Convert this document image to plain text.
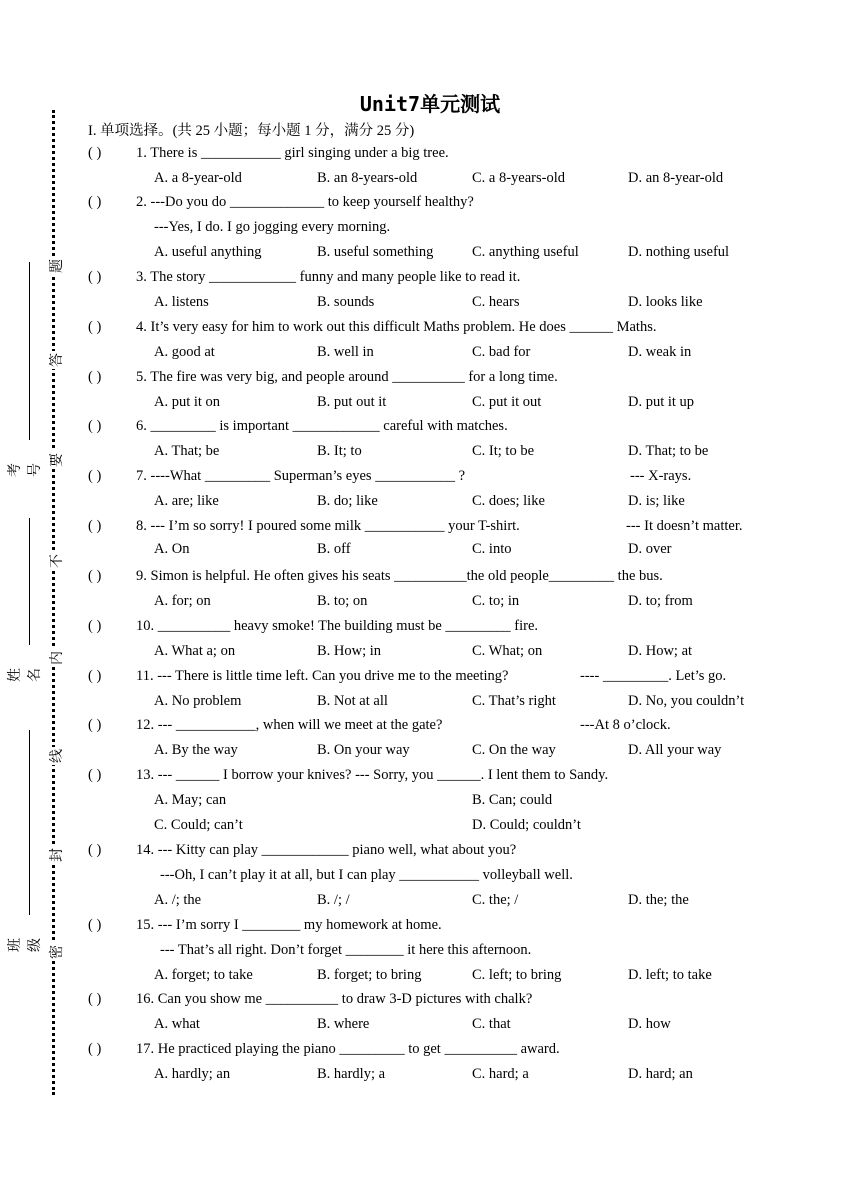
题
答
要
不
内
线
封
密
考号
姓名
班级
Unit7单元测试
I. 单项选择。(共 25 小题；每小题 1 分，满分 25 分)
( ) 1. There is ___________ girl singing under a big tree.
A. a 8-year-old	B. an 8-years-old	C. a 8-years-old	D. an 8-year-old
( ) 2. ---Do you do _____________ to keep yourself healthy?
---Yes, I do. I go jogging every morning.
A. useful anything	B. useful something	C. anything useful	D. nothing useful
( ) 3. The story ____________ funny and many people like to read it.
A. listens	B. sounds	C. hears	D. looks like
( ) 4. It’s very easy for him to work out this difficult Maths problem. He does ______ Maths.
A. good at	B. well in	C. bad for	D. weak in
( ) 5. The fire was very big, and people around __________ for a long time.
A. put it on	B. put out it	C. put it out	D. put it up
( ) 6. _________ is important ____________ careful with matches.
A. That; be	B. It; to	C. It; to be	D. That; to be
( ) 7. ----What _________ Superman’s eyes ___________ ?	--- X-rays.
A. are; like	B. do; like	C. does; like	D. is; like
( ) 8. --- I’m so sorry! I poured some milk ___________ your T-shirt.	--- It doesn’t matter.
A. On	B. off	C. into	D. over
( ) 9. Simon is helpful. He often gives his seats __________the old people_________ the bus.
A. for; on	B. to; on	C. to; in	D. to; from
( ) 10. __________ heavy smoke! The building must be _________ fire.
A. What a; on	B. How; in	C. What; on	D. How; at
( ) 11. --- There is little time left. Can you drive me to the meeting?	---- _________. Let’s go.
A. No problem	B. Not at all	C. That’s right	D. No, you couldn’t
( ) 12. --- ___________, when will we meet at the gate?	---At 8 o’clock.
A. By the way	B. On your way	C. On the way	D. All your way
( ) 13. --- ______ I borrow your knives? --- Sorry, you ______. I lent them to Sandy.
A. May; can	B. Can; could
C. Could; can’t	D. Could; couldn’t
( ) 14. --- Kitty can play ____________ piano well, what about you?
---Oh, I can’t play it at all, but I can play ___________ volleyball well.
A. /; the	B. /; /	C. the; /	D. the; the
( ) 15. --- I’m sorry I ________ my homework at home.
--- That’s all right. Don’t forget ________ it here this afternoon.
A. forget; to take	B. forget; to bring	C. left; to bring	D. left; to take
( ) 16. Can you show me __________ to draw 3-D pictures with chalk?
A. what	B. where	C. that	D. how
( ) 17. He practiced playing the piano _________ to get __________ award.
A. hardly; an	B. hardly; a	C. hard; a	D. hard; an
